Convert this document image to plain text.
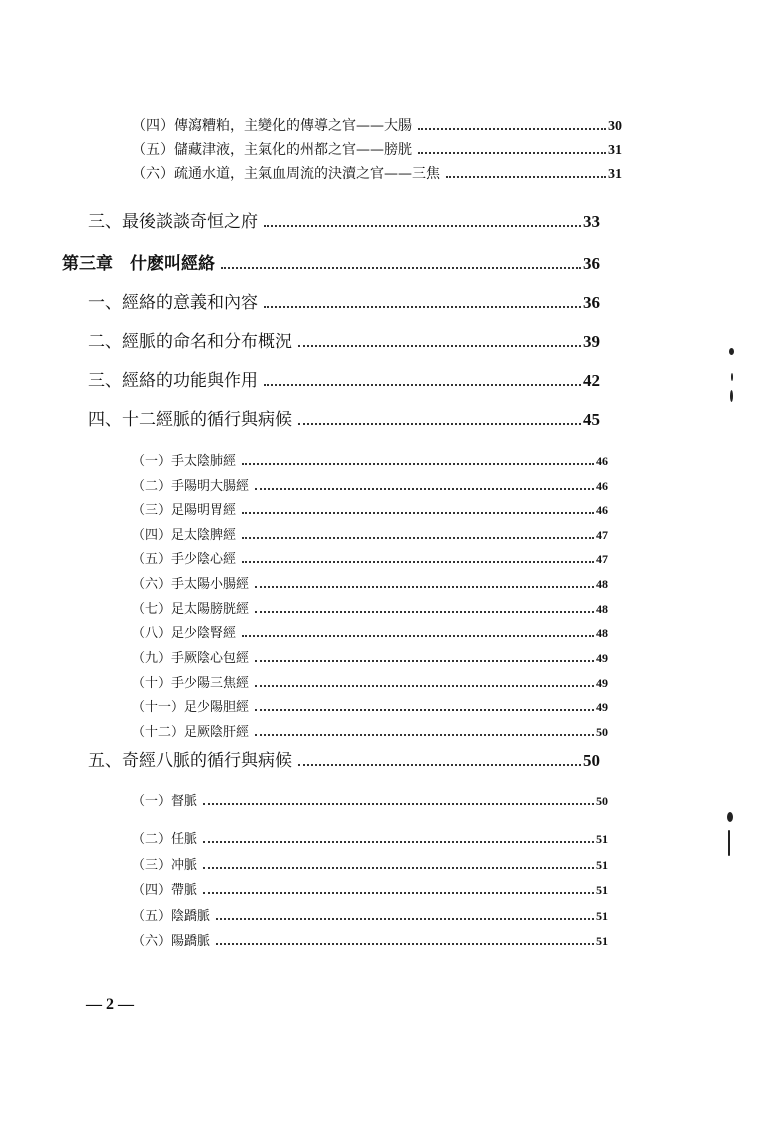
（四）傳瀉糟粕，主變化的傳導之官——大腸	30
（五）儲藏津液，主氣化的州都之官——膀胱	31
（六）疏通水道，主氣血周流的決瀆之官——三焦	31
三、最後談談奇恒之府	33
第三章　什麽叫經絡	36
一、經絡的意義和內容	36
二、經脈的命名和分布概況	39
三、經絡的功能與作用	42
四、十二經脈的循行與病候	45
（一）手太陰肺經	46
（二）手陽明大腸經	46
（三）足陽明胃經	46
（四）足太陰脾經	47
（五）手少陰心經	47
（六）手太陽小腸經	48
（七）足太陽膀胱經	48
（八）足少陰腎經	48
（九）手厥陰心包經	49
（十）手少陽三焦經	49
（十一）足少陽胆經	49
（十二）足厥陰肝經	50
五、奇經八脈的循行與病候	50
（一）督脈	50
（二）任脈	51
（三）冲脈	51
（四）帶脈	51
（五）陰蹻脈	51
（六）陽蹻脈	51
— 2 —
